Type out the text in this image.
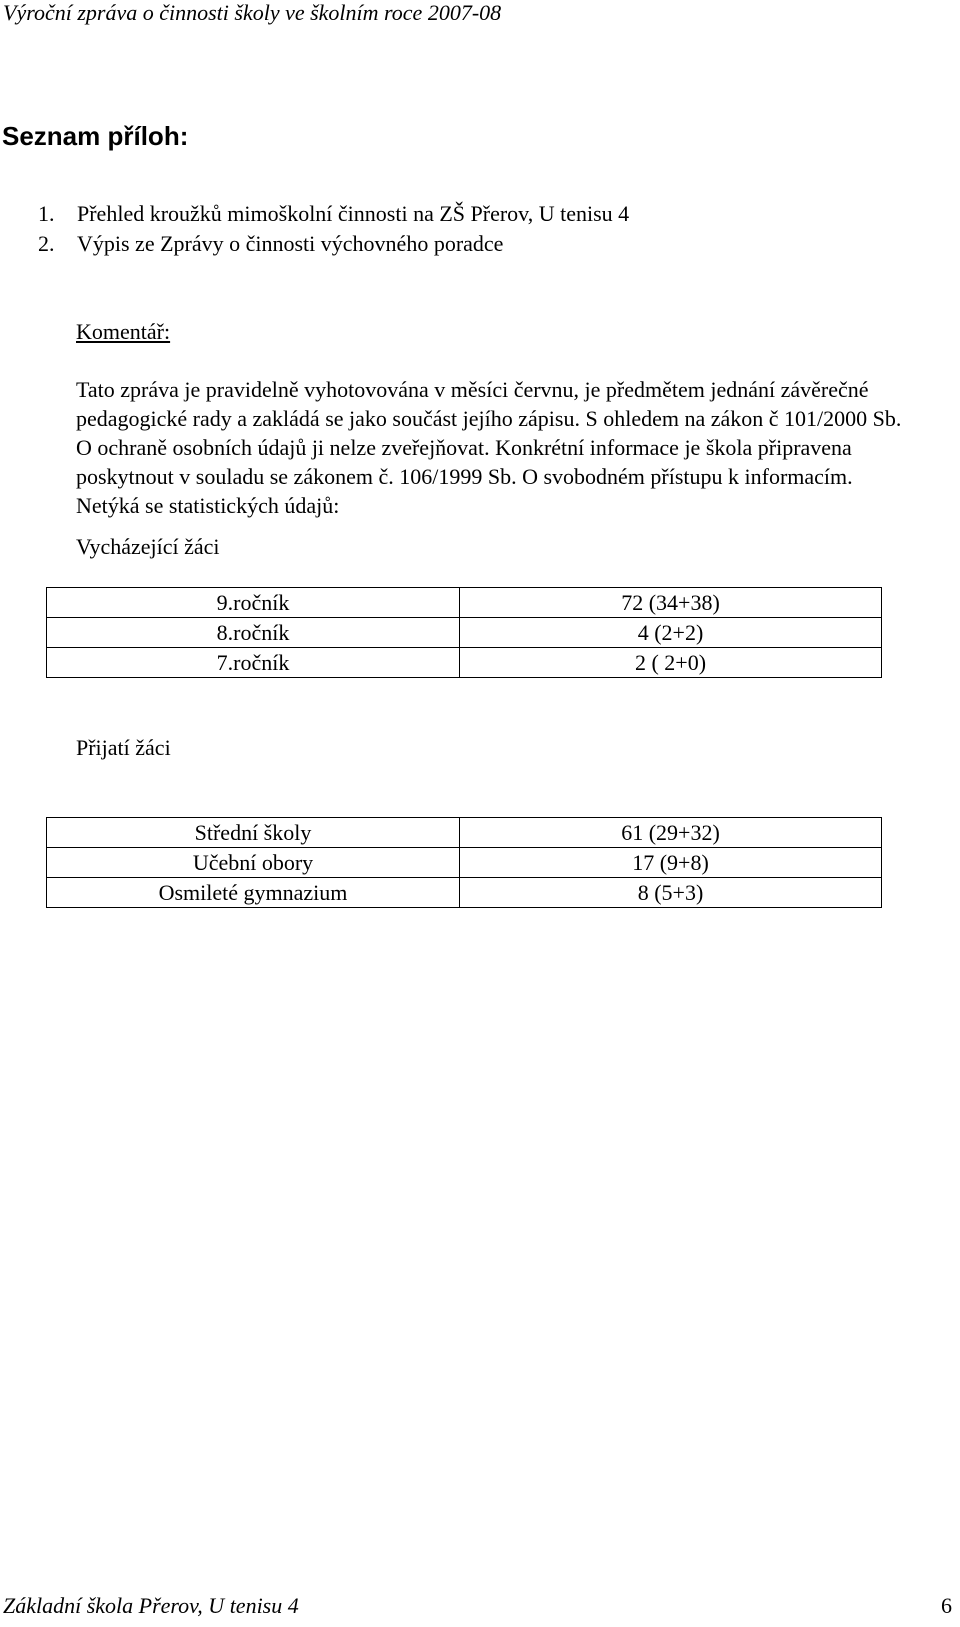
Výroční zpráva o činnosti školy ve školním roce 2007-08
Seznam příloh:
1. Přehled kroužků mimoškolní činnosti na ZŠ Přerov, U tenisu 4
2. Výpis ze Zprávy o činnosti výchovného poradce
Komentář:

Tato zpráva je pravidelně vyhotovována v měsíci červnu, je předmětem jednání závěrečné pedagogické rady a zakládá se jako součást jejího zápisu. S ohledem na zákon č 101/2000 Sb. O ochraně osobních údajů ji nelze zveřejňovat. Konkrétní informace je škola připravena poskytnout v souladu se zákonem č. 106/1999 Sb. O svobodném přístupu k informacím. Netýká se statistických údajů:

Vycházející žáci
9.ročník	72 (34+38)
8.ročník	4 (2+2)
7.ročník	2 ( 2+0)
Přijatí žáci
Střední školy	61 (29+32)
Učební obory	17 (9+8)
Osmileté gymnazium	8 (5+3)
Základní škola Přerov, U tenisu 4	6
